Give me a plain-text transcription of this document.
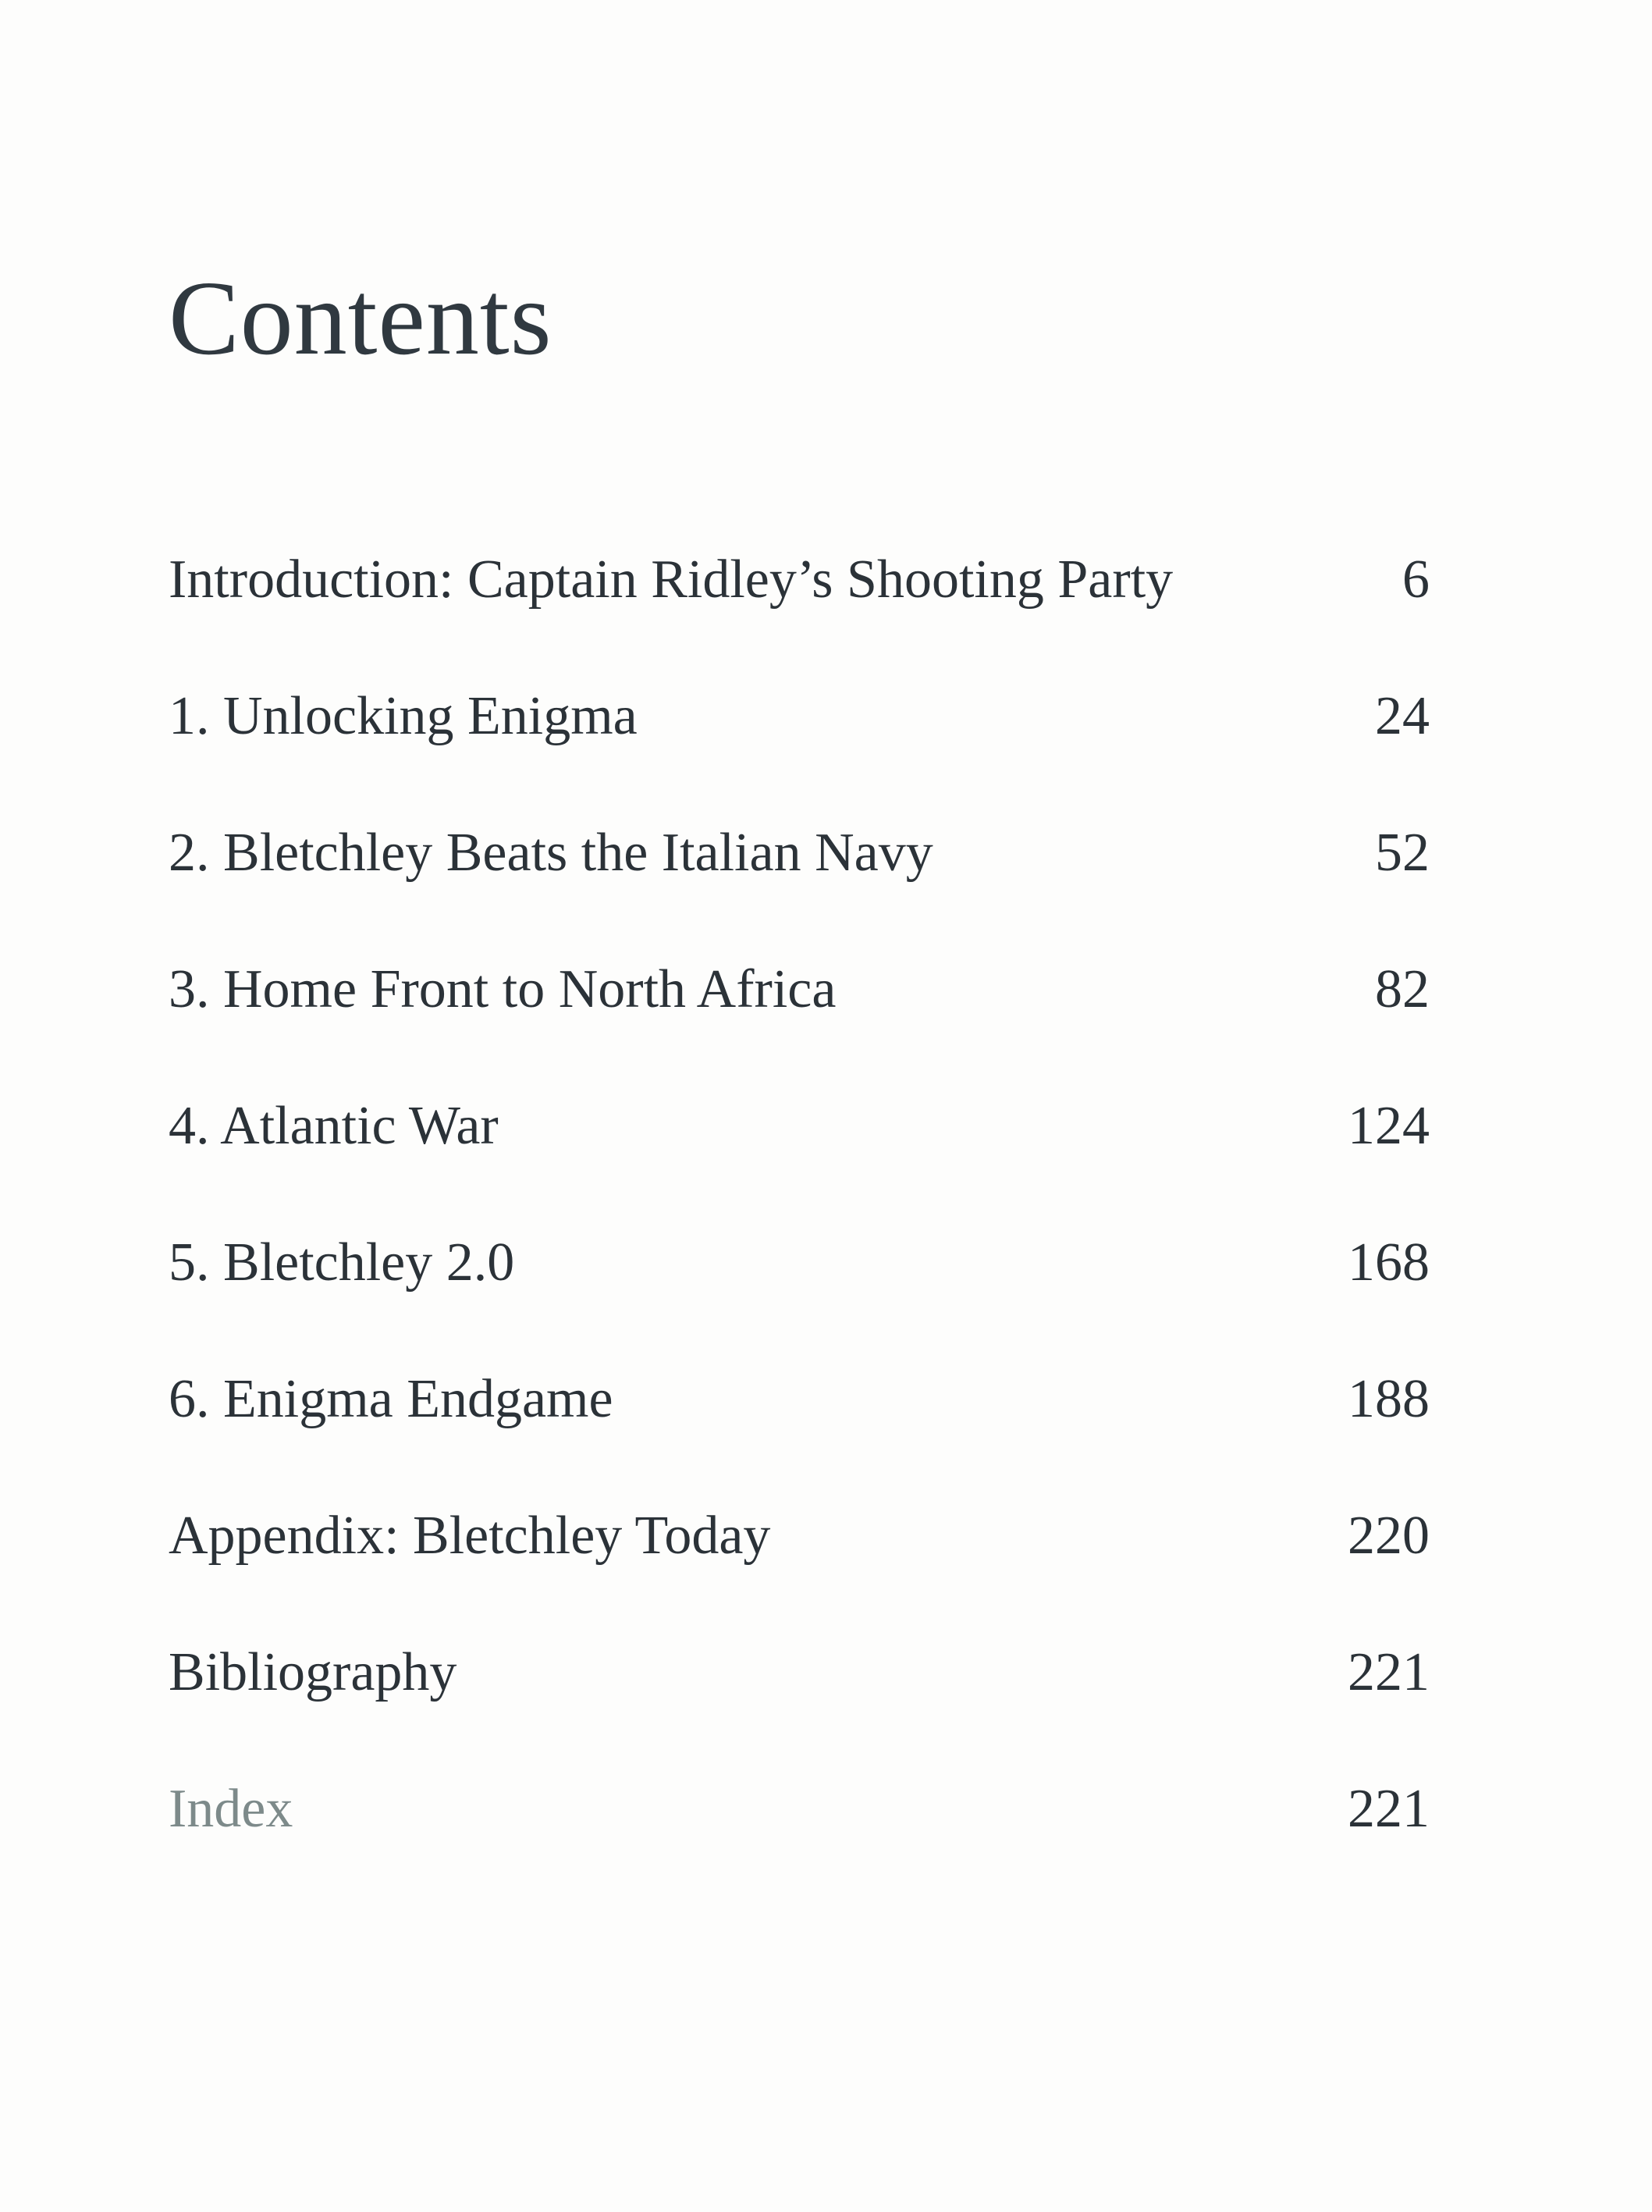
Contents
Introduction: Captain Ridley’s Shooting Party	6
1. Unlocking Enigma	24
2. Bletchley Beats the Italian Navy	52
3. Home Front to North Africa	82
4. Atlantic War	124
5. Bletchley 2.0	168
6. Enigma Endgame	188
Appendix: Bletchley Today	220
Bibliography	221
Index	221
